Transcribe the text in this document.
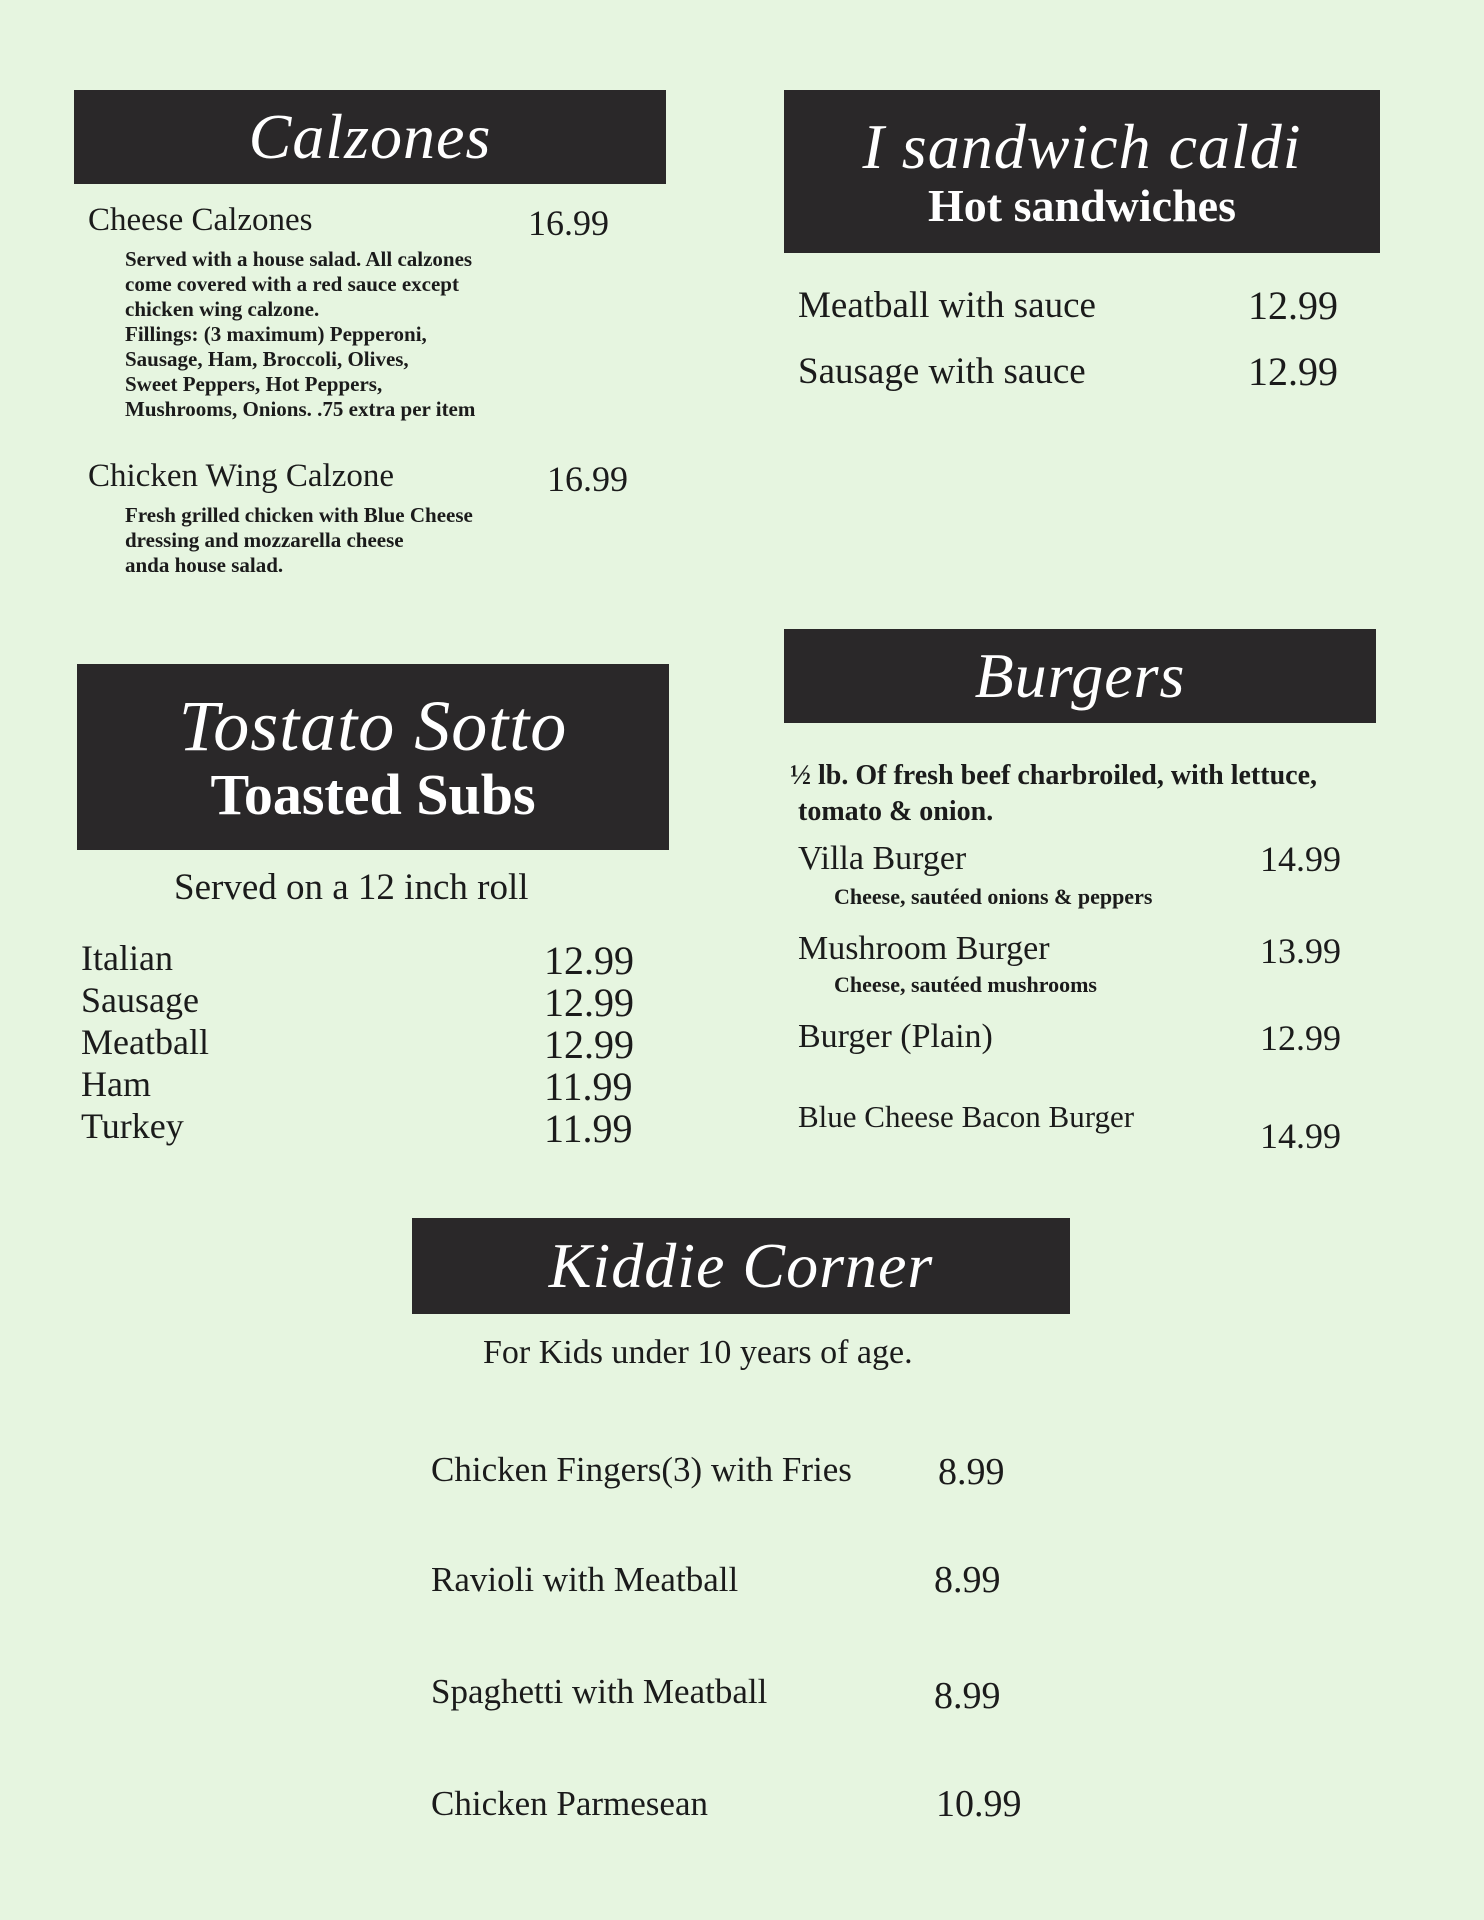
Calzones
Cheese Calzones	16.99
Served with a house salad. All calzones
come covered with a red sauce except
chicken wing calzone.
Fillings: (3 maximum) Pepperoni,
Sausage, Ham, Broccoli, Olives,
Sweet Peppers, Hot Peppers,
Mushrooms, Onions. .75 extra per item
Chicken Wing Calzone	16.99
Fresh grilled chicken with Blue Cheese
dressing and mozzarella cheese
anda house salad.
I sandwich caldi
Hot sandwiches
Meatball with sauce	12.99
Sausage with sauce	12.99
Tostato Sotto
Toasted Subs
Served on a 12 inch roll
Italian	12.99
Sausage	12.99
Meatball	12.99
Ham	11.99
Turkey	11.99
Burgers
½ lb. Of fresh beef charbroiled, with lettuce,
tomato & onion.
Villa Burger	14.99
Cheese, sautéed onions & peppers
Mushroom Burger	13.99
Cheese, sautéed mushrooms
Burger (Plain)	12.99
Blue Cheese Bacon Burger	14.99
Kiddie Corner
For Kids under 10 years of age.
Chicken Fingers(3) with Fries 8.99
Ravioli with Meatball	8.99
Spaghetti with Meatball	8.99
Chicken Parmesean	10.99
